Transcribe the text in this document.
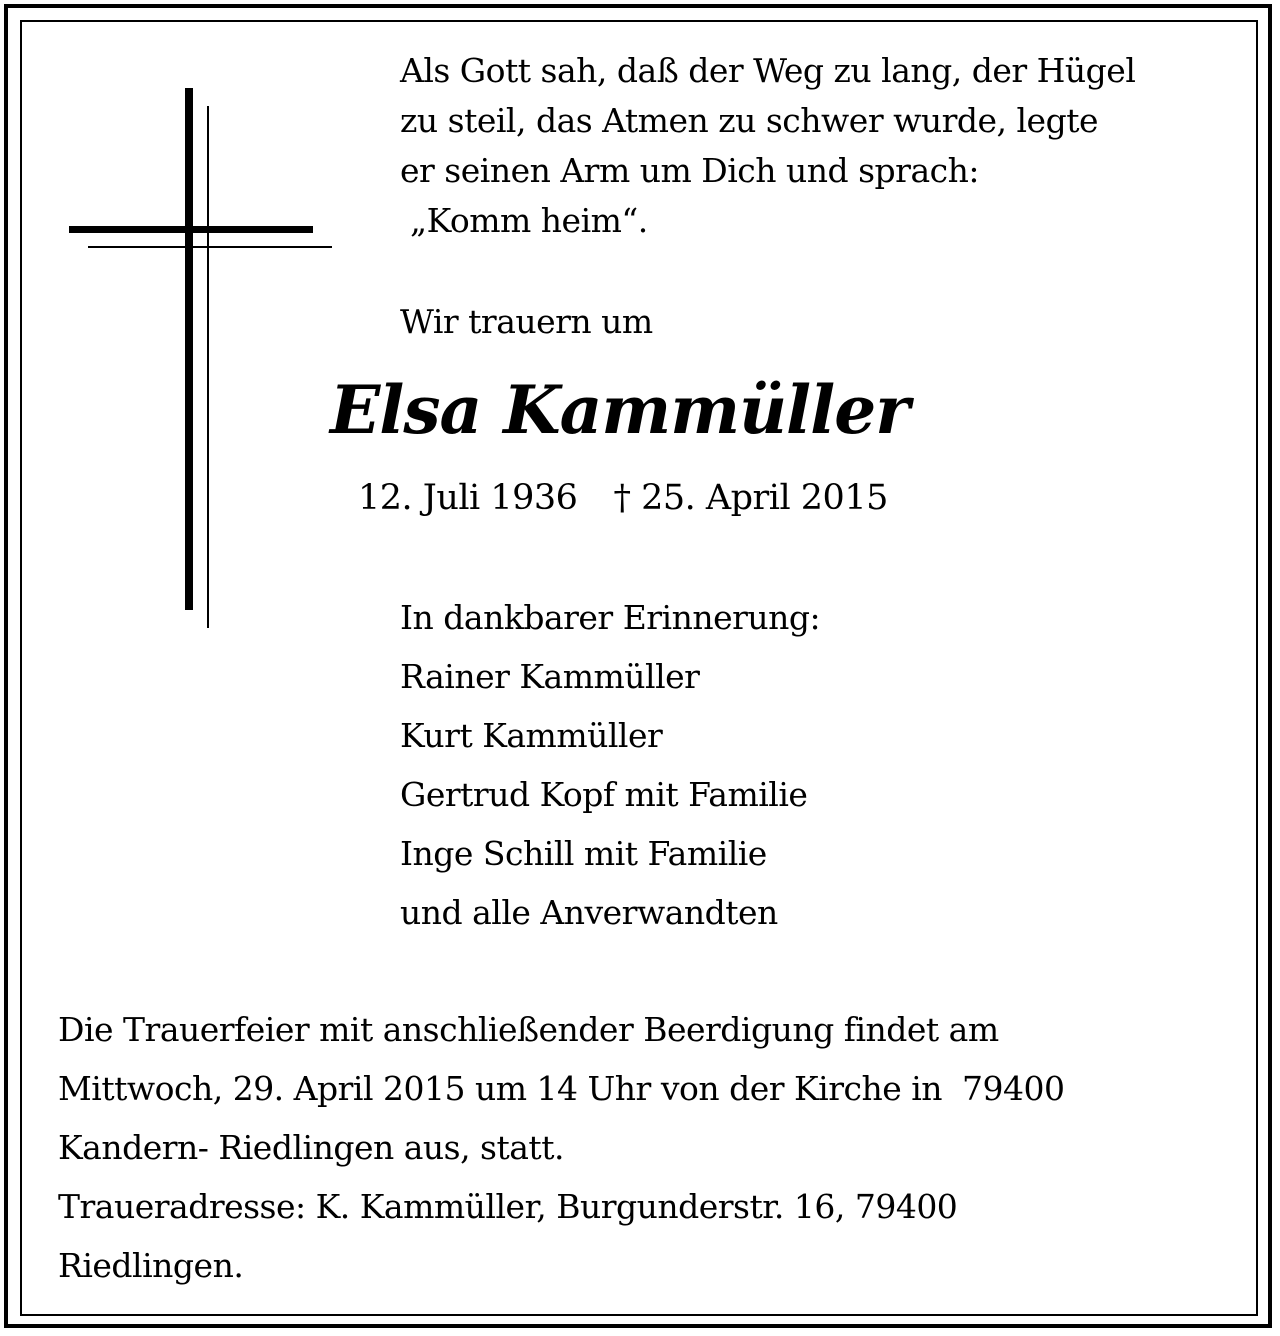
Als Gott sah, daß der Weg zu lang, der Hügel

zu steil, das Atmen zu schwer wurde, legte

er seinen Arm um Dich und sprach:

„Komm heim“.

Wir trauern um

Elsa Kammüller
12. Juli 1936 † 25. April 2015

In dankbarer Erinnerung:

Rainer Kammüller

Kurt Kammüller

Gertrud Kopf mit Familie

Inge Schill mit Familie

und alle Anverwandten

Die Trauerfeier mit anschließender Beerdigung findet am

Mittwoch, 29. April 2015 um 14 Uhr von der Kirche in  79400

Kandern- Riedlingen aus, statt.

Traueradresse: K. Kammüller, Burgunderstr. 16, 79400

Riedlingen.
